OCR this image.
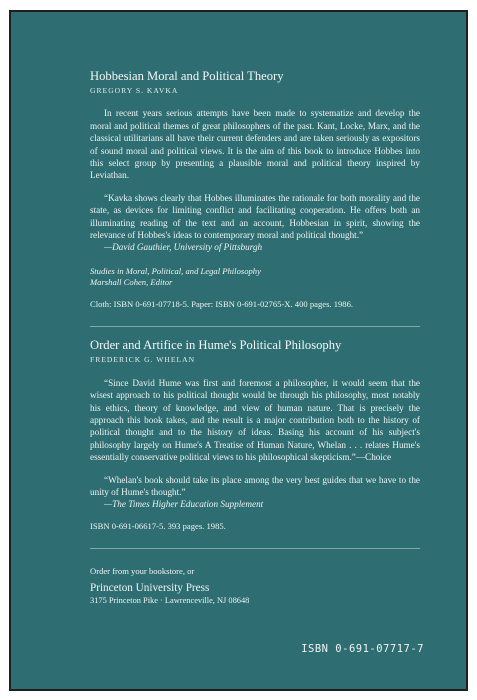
Hobbesian Moral and Political Theory
GREGORY S. KAVKA
In recent years serious attempts have been made to systematize and develop the moral and political themes of great philosophers of the past. Kant, Locke, Marx, and the classical utilitarians all have their current defenders and are taken seriously as expositors of sound moral and political views. It is the aim of this book to introduce Hobbes into this select group by presenting a plausible moral and political theory inspired by Leviathan.
“Kavka shows clearly that Hobbes illuminates the rationale for both morality and the state, as devices for limiting conflict and facilitating cooperation. He offers both an illuminating reading of the text and an account, Hobbesian in spirit, showing the relevance of Hobbes's ideas to contemporary moral and political thought.”
—David Gauthier, University of Pittsburgh
Studies in Moral, Political, and Legal Philosophy
Marshall Cohen, Editor
Cloth: ISBN 0-691-07718-5. Paper: ISBN 0-691-02765-X. 400 pages. 1986.
Order and Artifice in Hume's Political Philosophy
FREDERICK G. WHELAN
“Since David Hume was first and foremost a philosopher, it would seem that the wisest approach to his political thought would be through his philosophy, most notably his ethics, theory of knowledge, and view of human nature. That is precisely the approach this book takes, and the result is a major contribution both to the history of political thought and to the history of ideas. Basing his account of his subject's philosophy largely on Hume's A Treatise of Human Nature, Whelan . . . relates Hume's essentially conservative political views to his philosophical skepticism.”—Choice
“Whelan's book should take its place among the very best guides that we have to the unity of Hume's thought.”
—The Times Higher Education Supplement
ISBN 0-691-06617-5. 393 pages. 1985.
Order from your bookstore, or
Princeton University Press
3175 Princeton Pike · Lawrenceville, NJ 08648
ISBN 0-691-07717-7
